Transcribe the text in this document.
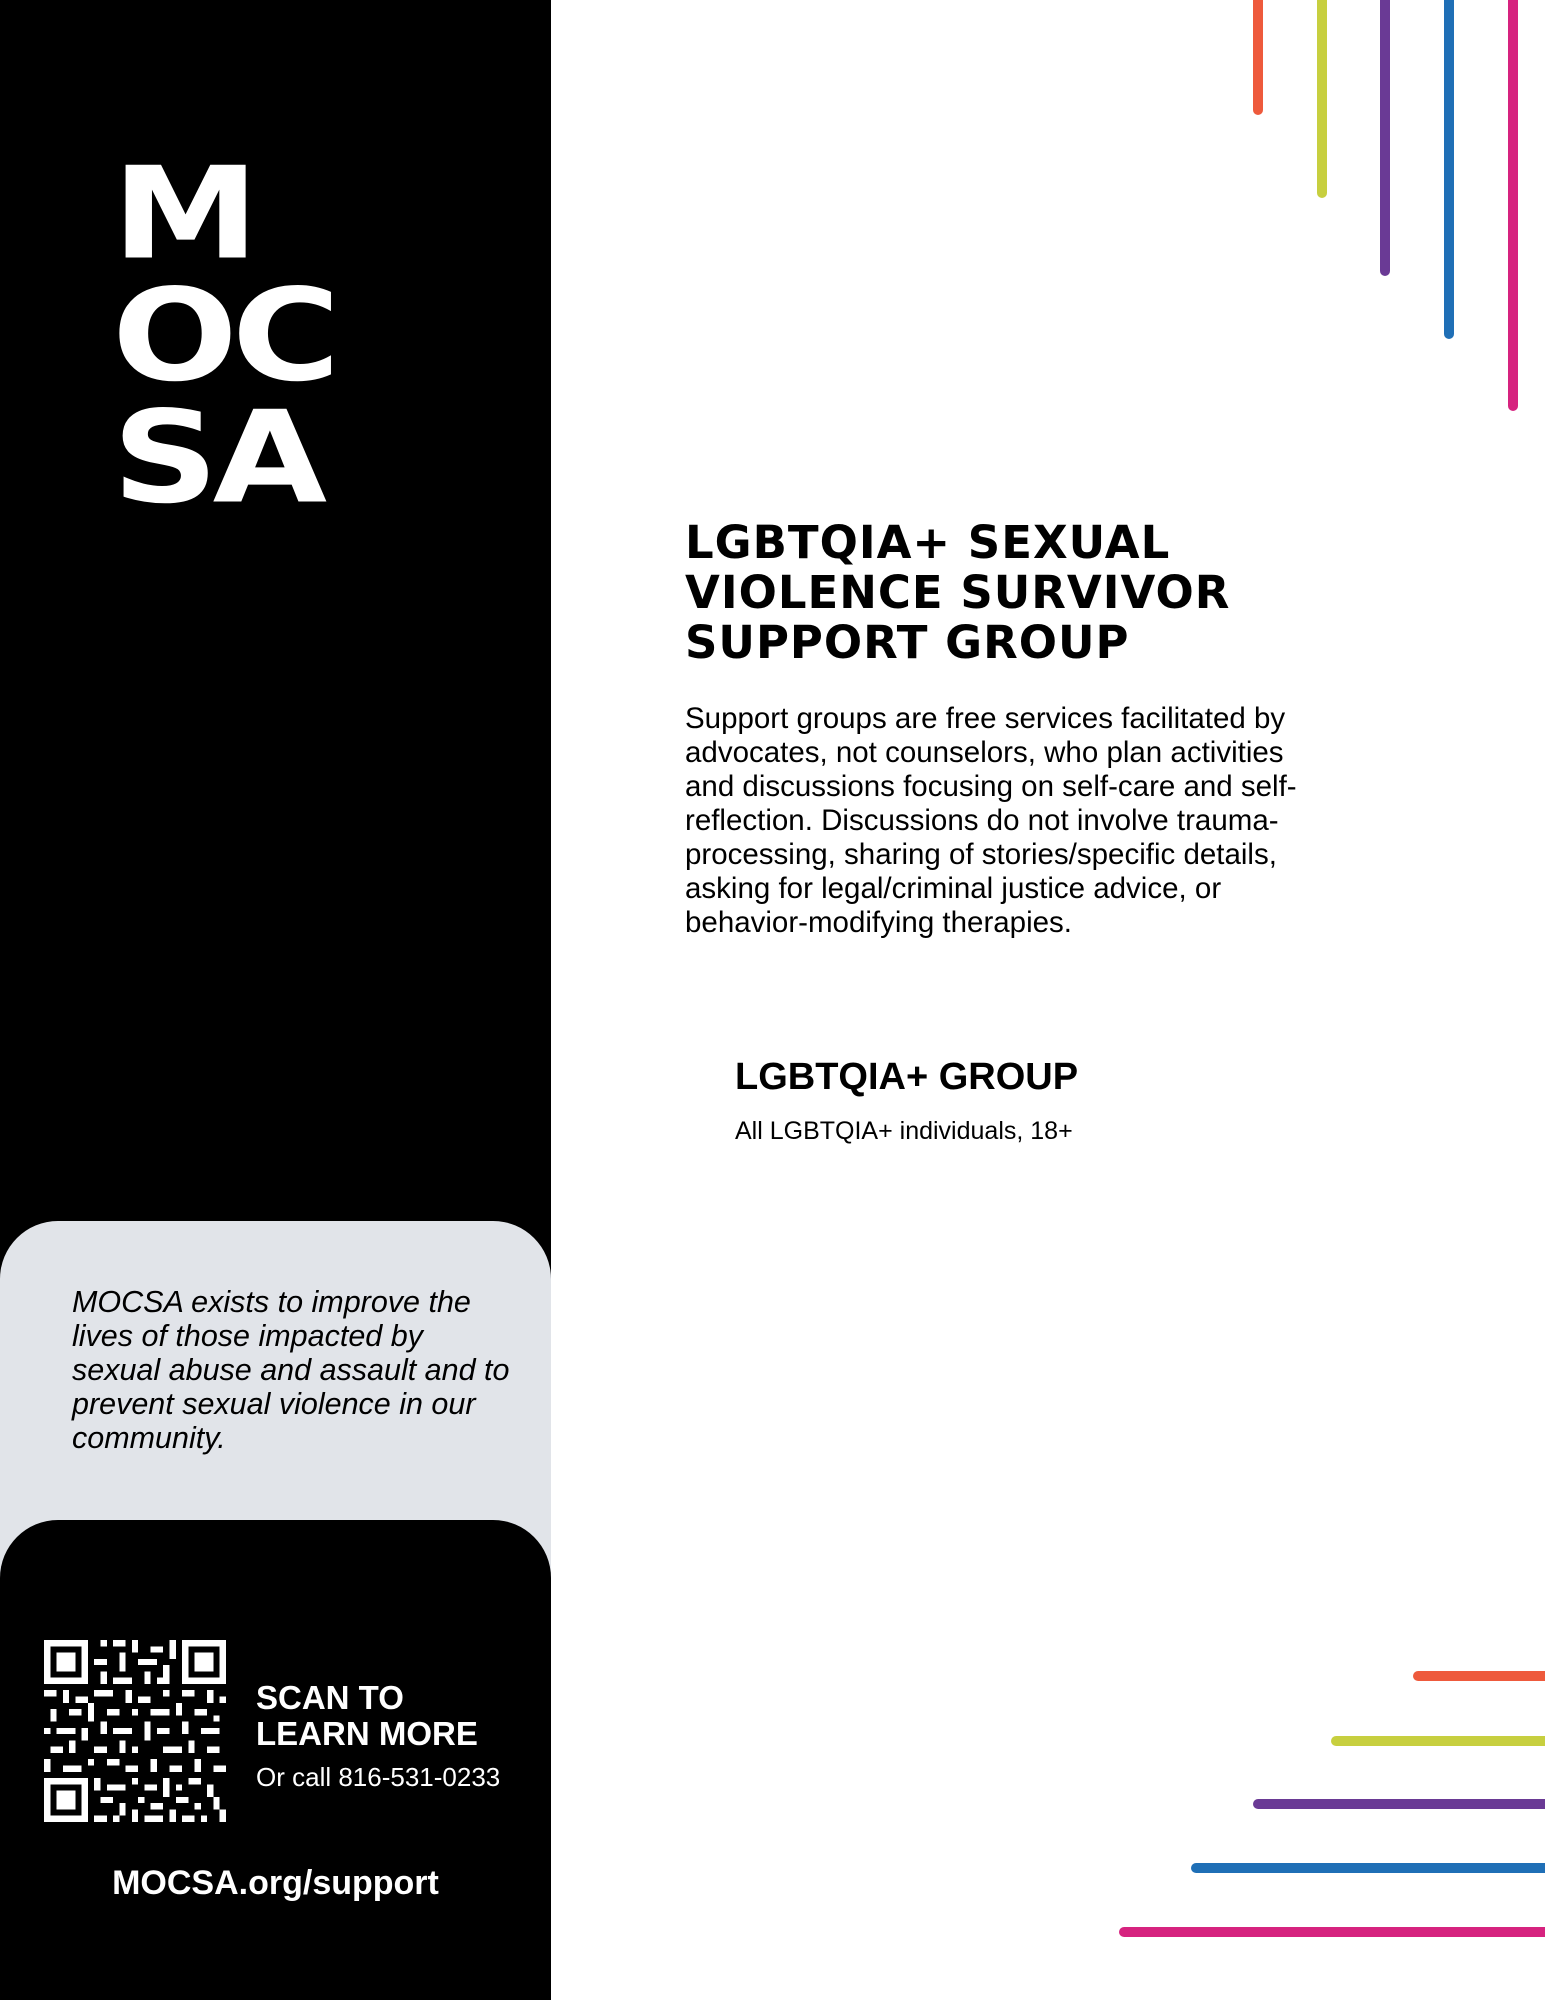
M
OC
SA

MOCSA exists to improve the lives of those impacted by sexual abuse and assault and to prevent sexual violence in our community.

SCAN TO
LEARN MORE

Or call 816-531-0233

MOCSA.org/support

LGBTQIA+ SEXUAL
VIOLENCE SURVIVOR
SUPPORT GROUP

Support groups are free services facilitated by advocates, not counselors, who plan activities and discussions focusing on self-care and self-reflection. Discussions do not involve trauma-processing, sharing of stories/specific details, asking for legal/criminal justice advice, or behavior-modifying therapies.

LGBTQIA+ GROUP

All LGBTQIA+ individuals, 18+
